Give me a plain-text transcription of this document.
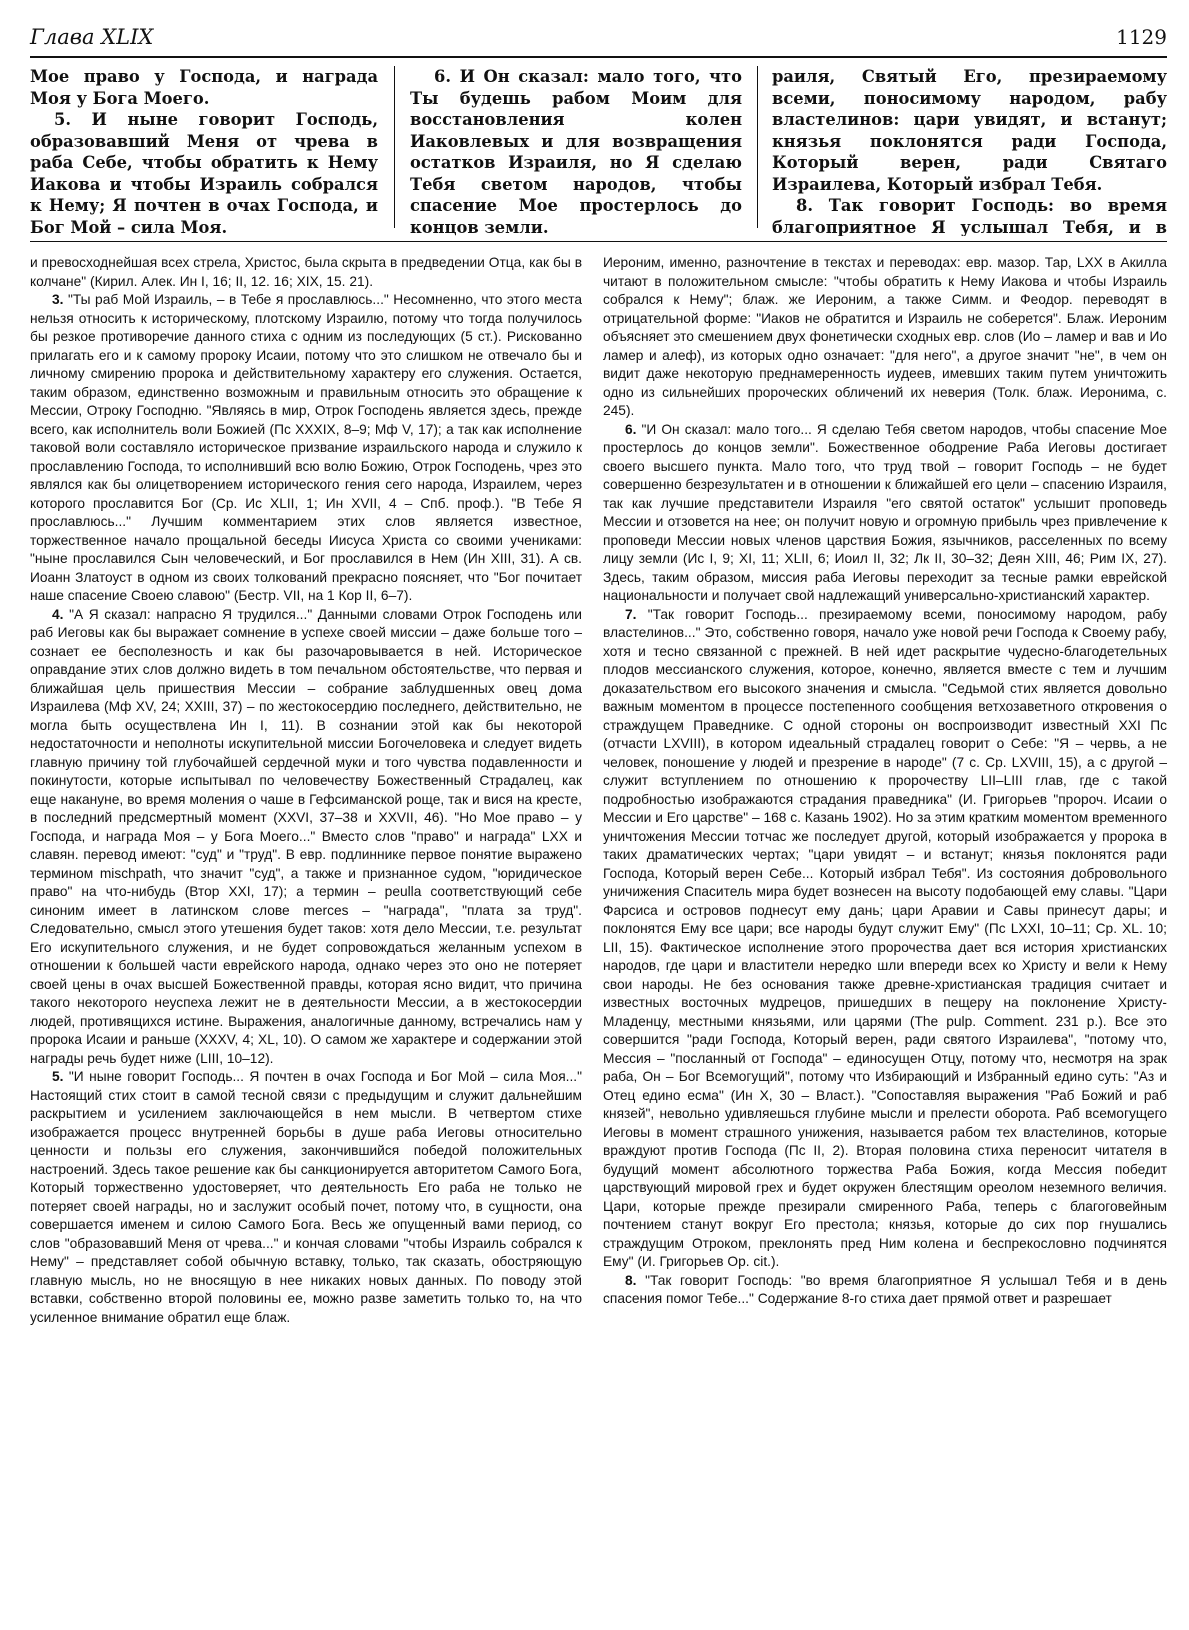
Глава XLIX	1129

Мое право у Господа, и награда Моя у Бога Моего.

5. И ныне говорит Господь, образовавший Меня от чрева в раба Себе, чтобы обратить к Нему Иакова и чтобы Израиль собрался к Нему; Я почтен в очах Господа, и Бог Мой – сила Моя.

6. И Он сказал: мало того, что Ты будешь рабом Моим для восстановления колен Иаковлевых и для возвращения остатков Израиля, но Я сделаю Тебя светом народов, чтобы спасение Мое простерлось до концов земли.

раиля, Святый Его, презираемому всеми, поносимому народом, рабу властелинов: цари увидят, и встанут; князья поклонятся ради Господа, Который верен, ради Святаго Израилева, Который избрал Тебя.

8. Так говорит Господь: во время благоприятное Я услышал Тебя, и в

и превосходнейшая всех стрела, Христос, была скрыта в предведении Отца, как бы в колчане" (Кирил. Алек. Ин I, 16; II, 12. 16; XIX, 15. 21).

3. "Ты раб Мой Израиль, – в Тебе я прославлюсь..." Несомненно, что этого места нельзя относить к историческому, плотскому Израилю, потому что тогда получилось бы резкое противоречие данного стиха с одним из последующих (5 ст.). Рискованно прилагать его и к самому пророку Исаии, потому что это слишком не отвечало бы и личному смирению пророка и действительному характеру его служения. Остается, таким образом, единственно возможным и правильным относить это обращение к Мессии, Отроку Господню. "Являясь в мир, Отрок Господень является здесь, прежде всего, как исполнитель воли Божией (Пс XXXIX, 8–9; Мф V, 17); а так как исполнение таковой воли составляло историческое призвание израильского народа и служило к прославлению Господа, то исполнивший всю волю Божию, Отрок Господень, чрез это являлся как бы олицетворением исторического гения сего народа, Израилем, через которого прославится Бог (Ср. Ис XLII, 1; Ин XVII, 4 – Спб. проф.). "В Тебе Я прославлюсь..." Лучшим комментарием этих слов является известное, торжественное начало прощальной беседы Иисуса Христа со своими учениками: "ныне прославился Сын человеческий, и Бог прославился в Нем (Ин XIII, 31). А св. Иоанн Златоуст в одном из своих толкований прекрасно поясняет, что "Бог почитает наше спасение Своею славою" (Бестр. VII, на 1 Кор II, 6–7).

4. "А Я сказал: напрасно Я трудился..." Данными словами Отрок Господень или раб Иеговы как бы выражает сомнение в успехе своей миссии – даже больше того – сознает ее бесполезность и как бы разочаровывается в ней. Историческое оправдание этих слов должно видеть в том печальном обстоятельстве, что первая и ближайшая цель пришествия Мессии – собрание заблудшенных овец дома Израилева (Мф XV, 24; XXIII, 37) – по жестокосердию последнего, действительно, не могла быть осуществлена Ин I, 11). В сознании этой как бы некоторой недостаточности и неполноты искупительной миссии Богочеловека и следует видеть главную причину той глубочайшей сердечной муки и того чувства подавленности и покинутости, которые испытывал по человечеству Божественный Страдалец, как еще накануне, во время моления о чаше в Гефсиманской роще, так и вися на кресте, в последний предсмертный момент (XXVI, 37–38 и XXVII, 46). "Но Мое право – у Господа, и награда Моя – у Бога Моего..." Вместо слов "право" и награда" LXX и славян. перевод имеют: "суд" и "труд". В евр. подлиннике первое понятие выражено термином mischpath, что значит "суд", а также и признанное судом, "юридическое право" на что-нибудь (Втор XXI, 17); а термин – peulla соответствующий себе синоним имеет в латинском слове merces – "награда", "плата за труд". Следовательно, смысл этого утешения будет таков: хотя дело Мессии, т.е. результат Его искупительного служения, и не будет сопровождаться желанным успехом в отношении к большей части еврейского народа, однако через это оно не потеряет своей цены в очах высшей Божественной правды, которая ясно видит, что причина такого некоторого неуспеха лежит не в деятельности Мессии, а в жестокосердии людей, противящихся истине. Выражения, аналогичные данному, встречались нам у пророка Исаии и раньше (XXXV, 4; XL, 10). О самом же характере и содержании этой награды речь будет ниже (LIII, 10–12).

5. "И ныне говорит Господь... Я почтен в очах Господа и Бог Мой – сила Моя..." Настоящий стих стоит в самой тесной связи с предыдущим и служит дальнейшим раскрытием и усилением заключающейся в нем мысли. В четвертом стихе изображается процесс внутренней борьбы в душе раба Иеговы относительно ценности и пользы его служения, закончившийся победой положительных настроений. Здесь такое решение как бы санкционируется авторитетом Самого Бога, Который торжественно удостоверяет, что деятельность Его раба не только не потеряет своей награды, но и заслужит особый почет, потому что, в сущности, она совершается именем и силою Самого Бога. Весь же опущенный вами период, со слов "образовавший Меня от чрева..." и кончая словами "чтобы Израиль собрался к Нему" – представляет собой обычную вставку, только, так сказать, обостряющую главную мысль, но не вносящую в нее никаких новых данных. По поводу этой вставки, собственно второй половины ее, можно разве заметить только то, на что усиленное внимание обратил еще блаж.

Иероним, именно, разночтение в текстах и переводах: евр. мазор. Тар, LXX в Акилла читают в положительном смысле: "чтобы обратить к Нему Иакова и чтобы Израиль собрался к Нему"; блаж. же Иероним, а также Симм. и Феодор. переводят в отрицательной форме: "Иаков не обратится и Израиль не соберется". Блаж. Иероним объясняет это смешением двух фонетически сходных евр. слов (Ио – ламер и вав и Ио ламер и алеф), из которых одно означает: "для него", а другое значит "не", в чем он видит даже некоторую преднамеренность иудеев, имевших таким путем уничтожить одно из сильнейших пророческих обличений их неверия (Толк. блаж. Иеронима, с. 245).

6. "И Он сказал: мало того... Я сделаю Тебя светом народов, чтобы спасение Мое простерлось до концов земли". Божественное ободрение Раба Иеговы достигает своего высшего пункта. Мало того, что труд твой – говорит Господь – не будет совершенно безрезультатен и в отношении к ближайшей его цели – спасению Израиля, так как лучшие представители Израиля "его святой остаток" услышит проповедь Мессии и отзовется на нее; он получит новую и огромную прибыль чрез привлечение к проповеди Мессии новых членов царствия Божия, язычников, расселенных по всему лицу земли (Ис I, 9; XI, 11; XLII, 6; Иоил II, 32; Лк II, 30–32; Деян XIII, 46; Рим IX, 27). Здесь, таким образом, миссия раба Иеговы переходит за тесные рамки еврейской национальности и получает свой надлежащий универсально-христианский характер.

7. "Так говорит Господь... презираемому всеми, поносимому народом, рабу властелинов..." Это, собственно говоря, начало уже новой речи Господа к Своему рабу, хотя и тесно связанной с прежней. В ней идет раскрытие чудесно-благодетельных плодов мессианского служения, которое, конечно, является вместе с тем и лучшим доказательством его высокого значения и смысла. "Седьмой стих является довольно важным моментом в процессе постепенного сообщения ветхозаветного откровения о страждущем Праведнике. С одной стороны он воспроизводит известный XXI Пс (отчасти LXVIII), в котором идеальный страдалец говорит о Себе: "Я – червь, а не человек, поношение у людей и презрение в народе" (7 с. Ср. LXVIII, 15), а с другой – служит вступлением по отношению к пророчеству LII–LIII глав, где с такой подробностью изображаются страдания праведника" (И. Григорьев "пророч. Исаии о Мессии и Его царстве" – 168 с. Казань 1902). Но за этим кратким моментом временного уничтожения Мессии тотчас же последует другой, который изображается у пророка в таких драматических чертах; "цари увидят – и встанут; князья поклонятся ради Господа, Который верен Себе... Который избрал Тебя". Из состояния добровольного уничижения Спаситель мира будет вознесен на высоту подобающей ему славы. "Цари Фарсиса и островов поднесут ему дань; цари Аравии и Савы принесут дары; и поклонятся Ему все цари; все народы будут служит Ему" (Пс LXXI, 10–11; Ср. XL. 10; LII, 15). Фактическое исполнение этого пророчества дает вся история христианских народов, где цари и властители нередко шли впереди всех ко Христу и вели к Нему свои народы. Не без основания также древне-христианская традиция считает и известных восточных мудрецов, пришедших в пещеру на поклонение Христу-Младенцу, местными князьями, или царями (The pulp. Comment. 231 р.). Все это совершится "ради Господа, Который верен, ради святого Израилева", "потому что, Мессия – "посланный от Господа" – единосущен Отцу, потому что, несмотря на зрак раба, Он – Бог Всемогущий", потому что Избирающий и Избранный едино суть: "Аз и Отец едино есма" (Ин X, 30 – Власт.). "Сопоставляя выражения "Раб Божий и раб князей", невольно удивляешься глубине мысли и прелести оборота. Раб всемогущего Иеговы в момент страшного унижения, называется рабом тех властелинов, которые враждуют против Господа (Пс II, 2). Вторая половина стиха переносит читателя в будущий момент абсолютного торжества Раба Божия, когда Мессия победит царствующий мировой грех и будет окружен блестящим ореолом неземного величия. Цари, которые прежде презирали смиренного Раба, теперь с благоговейным почтением станут вокруг Его престола; князья, которые до сих пор гнушались страждущим Отроком, преклонять пред Ним колена и беспрекословно подчинятся Ему" (И. Григорьев Ор. cit.).

8. "Так говорит Господь: "во время благоприятное Я услышал Тебя и в день спасения помог Тебе..." Содержание 8-го стиха дает прямой ответ и разрешает
